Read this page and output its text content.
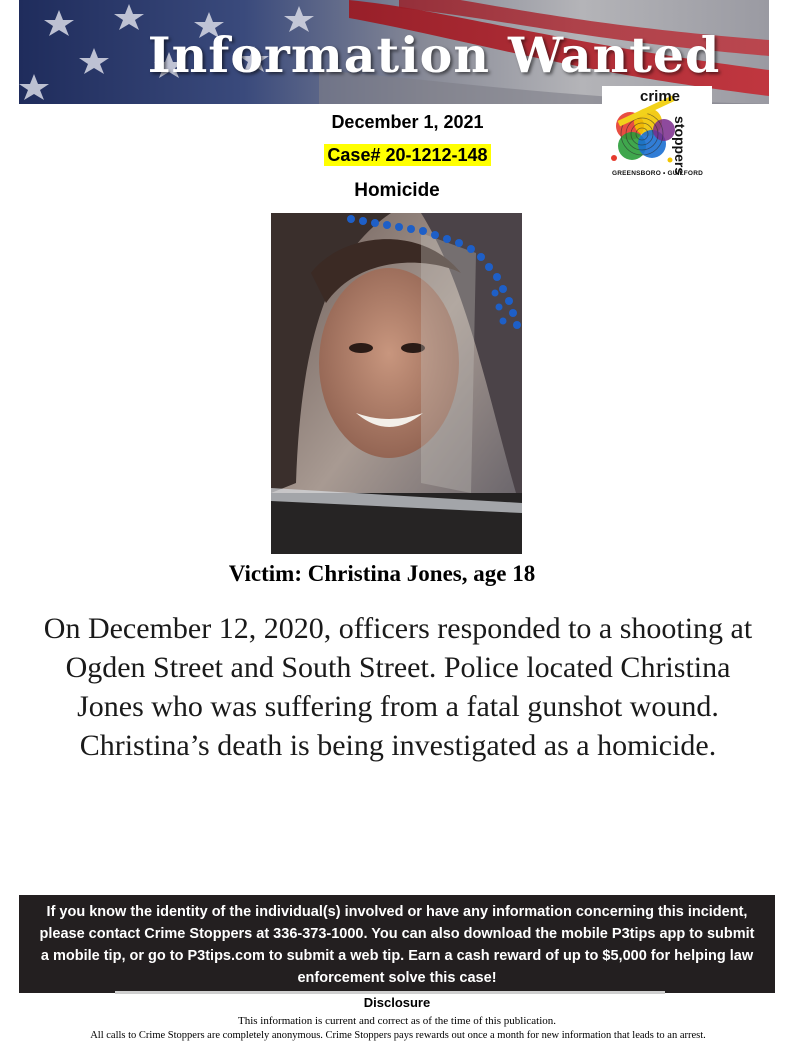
Information Wanted
crime
stoppers
GREENSBORO • GUILFORD
December 1, 2021
Case# 20-1212-148
Homicide
Victim: Christina Jones, age 18

On December 12, 2020, officers responded to a shooting at Ogden Street and South Street. Police located Christina Jones who was suffering from a fatal gunshot wound. Christina’s death is being investigated as a homicide.

If you know the identity of the individual(s) involved or have any information concerning this incident, please contact Crime Stoppers at 336-373-1000. You can also download the mobile P3tips app to submit a mobile tip, or go to P3tips.com to submit a web tip. Earn a cash reward of up to $5,000 for helping law enforcement solve this case!
Disclosure
This information is current and correct as of the time of this publication.
All calls to Crime Stoppers are completely anonymous. Crime Stoppers pays rewards out once a month for new information that leads to an arrest.
